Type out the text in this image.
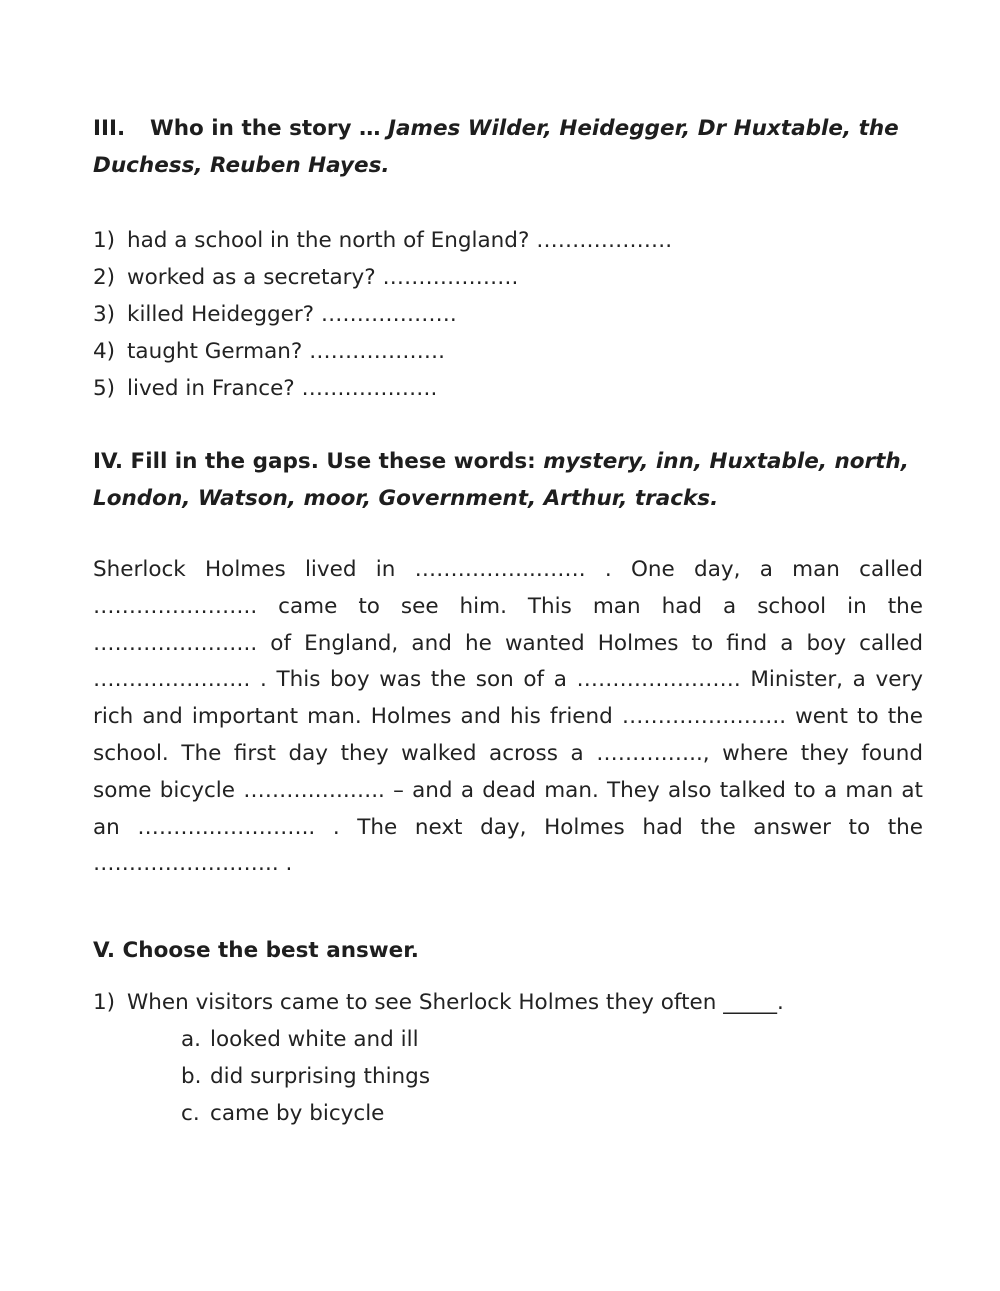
III. Who in the story … James Wilder, Heidegger, Dr Huxtable, the Duchess, Reuben Hayes.

1) had a school in the north of England? ……………….
2) worked as a secretary? ……………….
3) killed Heidegger? ……………….
4) taught German? ……………….
5) lived in France? ……………….

IV. Fill in the gaps. Use these words: mystery, inn, Huxtable, north, London, Watson, moor, Government, Arthur, tracks.

Sherlock Holmes lived in ……………..……. . One day, a man called ………………….. came to see him. This man had a school in the ………………….. of England, and he wanted Holmes to find a boy called …………………. . This boy was the son of a …………….……. Minister, a very rich and important man. Holmes and his friend ………………….. went to the school. The first day they walked across a ……….….., where they found some bicycle ……….…..….. – and a dead man. They also talked to a man at an ………..………….. . The next day, Holmes had the answer to the …………………….. .

V. Choose the best answer.

1) When visitors came to see Sherlock Holmes they often _____.
a. looked white and ill
b. did surprising things
c. came by bicycle
